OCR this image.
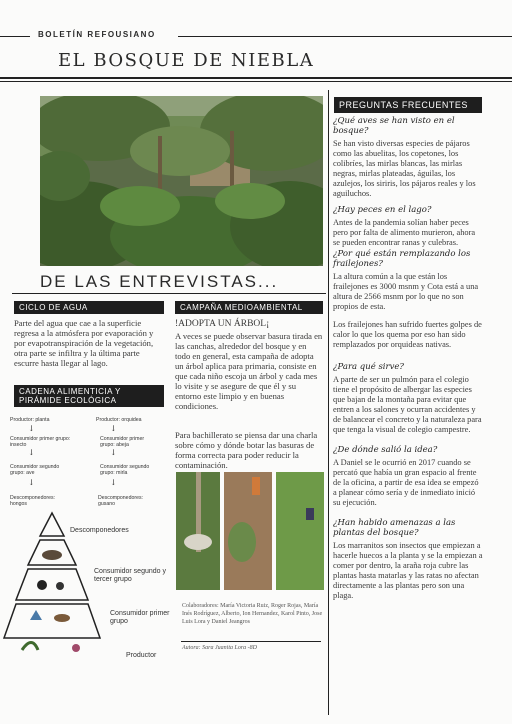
BOLETÍN REFOUSIANO
EL BOSQUE DE NIEBLA
DE LAS ENTREVISTAS...
CICLO DE AGUA
Parte del agua que cae a la superficie regresa a la atmósfera por evaporación y por evapotranspiración de la vegetación, otra parte se infiltra y la última parte escurre hasta llegar al lago.
CAMPAÑA MEDIOAMBIENTAL
!ADOPTA UN ÁRBOL¡
A veces se puede observar basura tirada en las canchas, alrededor del bosque y en todo en general, esta campaña de adopta un árbol aplica para primaria, consiste en que cada niño escoja un árbol y cada mes lo visite y se asegure de que él y su entorno este limpio y en buenas condiciones.
Para bachillerato se piensa dar una charla sobre cómo y dónde botar las basuras de forma correcta para poder reducir la contaminación.
CADENA ALIMENTICIA Y PIRÁMIDE ECOLÓGICA
Productor: planta
↓
Consumidor primer grupo: insecto
↓
Consumidor segundo grupo: ave
↓
Descomponedores: hongos
Productor: orquidea
↓
Consumidor primer grupo: abeja
↓
Consumidor segundo grupo: mirla
↓
Descomponedores: gusano
Descomponedores
Consumidor segundo y tercer grupo
Consumidor primer grupo
Productor
Colaboradores: María Victoria Ruiz, Roger Rojas, María Inés Rodríguez, Alberto, Ion Hernandez, Karol Pinto, Jose Luis Lora y Daniel Jeangros
Autora: Sara Juanita Lora -8D
PREGUNTAS FRECUENTES
¿Qué aves se han visto en el bosque?
Se han visto diversas especies de pájaros como las abuelitas, los copetones, los colibríes, las mirlas blancas, las mirlas negras, mirlas plateadas, águilas, los azulejos, los siriris, los pájaros reales y los aguiluchos.
¿Hay peces en el lago?
Antes de la pandemia solían haber peces pero por falta de alimento murieron, ahora se pueden encontrar ranas y culebras.
¿Por qué están remplazando los frailejones?
La altura común a la que están los frailejones es 3000 msnm y Cota está a una altura de 2566 msnm por lo que no son propios de esta.
Los frailejones han sufrido fuertes golpes de calor lo que los quema por eso han sido remplazados por orquideas nativas.
¿Para qué sirve?
A parte de ser un pulmón para el colegio tiene el propósito de albergar las especies que bajan de la montaña para evitar que entren a los salones y ocurran accidentes y de balancear el concreto y la naturaleza para que tenga la visual de colegio campestre.
¿De dónde salió la idea?
A Daniel se le ocurrió en 2017 cuando se percató que había un gran espacio al frente de la oficina, a partir de esa idea se empezó a planear cómo sería y de inmediato inició su ejecución.
¿Han habido amenazas a las plantas del bosque?
Los marranitos son insectos que empiezan a hacerle huecos a la planta y se la empiezan a comer por dentro, la araña roja cubre las plantas hasta matarlas y las ratas no afectan directamente a las plantas pero son una plaga.
